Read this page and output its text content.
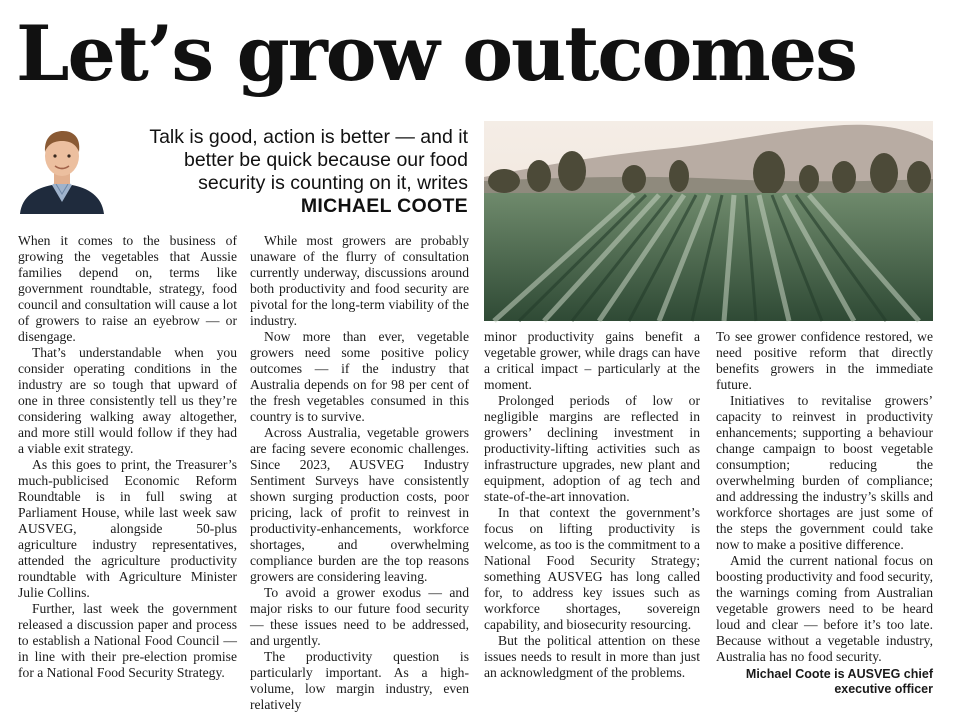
Let’s grow outcomes
Talk is good, action is better — and it better be quick because our food security is counting on it, writes
MICHAEL COOTE

When it comes to the business of growing the vegetables that Aussie families depend on, terms like government roundtable, strategy, food council and consultation will cause a lot of growers to raise an eyebrow — or disengage.

That’s understandable when you consider operating conditions in the industry are so tough that upward of one in three consistently tell us they’re considering walking away altogether, and more still would follow if they had a viable exit strategy.

As this goes to print, the Treasurer’s much-publicised Economic Reform Roundtable is in full swing at Parliament House, while last week saw AUSVEG, alongside 50-plus agriculture industry representatives, attended the agriculture productivity roundtable with Agriculture Minister Julie Collins.

Further, last week the government released a discussion paper and process to establish a National Food Council — in line with their pre-election promise for a National Food Security Strategy.

While most growers are probably unaware of the flurry of consultation currently underway, discussions around both productivity and food security are pivotal for the long-term viability of the industry.

Now more than ever, vegetable growers need some positive policy outcomes — if the industry that Australia depends on for 98 per cent of the fresh vegetables consumed in this country is to survive.

Across Australia, vegetable growers are facing severe economic challenges. Since 2023, AUSVEG Industry Sentiment Surveys have consistently shown surging production costs, poor pricing, lack of profit to reinvest in productivity-enhancements, workforce shortages, and overwhelming compliance burden are the top reasons growers are considering leaving.

To avoid a grower exodus — and major risks to our future food security — these issues need to be addressed, and urgently.

The productivity question is particularly important. As a high-volume, low margin industry, even relatively

minor productivity gains benefit a vegetable grower, while drags can have a critical impact – particularly at the moment.

Prolonged periods of low or negligible margins are reflected in growers’ declining investment in productivity-lifting activities such as infrastructure upgrades, new plant and equipment, adoption of ag tech and state-of-the-art innovation.

In that context the government’s focus on lifting productivity is welcome, as too is the commitment to a National Food Security Strategy; something AUSVEG has long called for, to address key issues such as workforce shortages, sovereign capability, and biosecurity resourcing.

But the political attention on these issues needs to result in more than just an acknowledgment of the problems.

To see grower confidence restored, we need positive reform that directly benefits growers in the immediate future.

Initiatives to revitalise growers’ capacity to reinvest in productivity enhancements; supporting a behaviour change campaign to boost vegetable consumption; reducing the overwhelming burden of compliance; and addressing the industry’s skills and workforce shortages are just some of the steps the government could take now to make a positive difference.

Amid the current national focus on boosting productivity and food security, the warnings coming from Australian vegetable growers need to be heard loud and clear — before it’s too late. Because without a vegetable industry, Australia has no food security.

Michael Coote is AUSVEG chief executive officer
